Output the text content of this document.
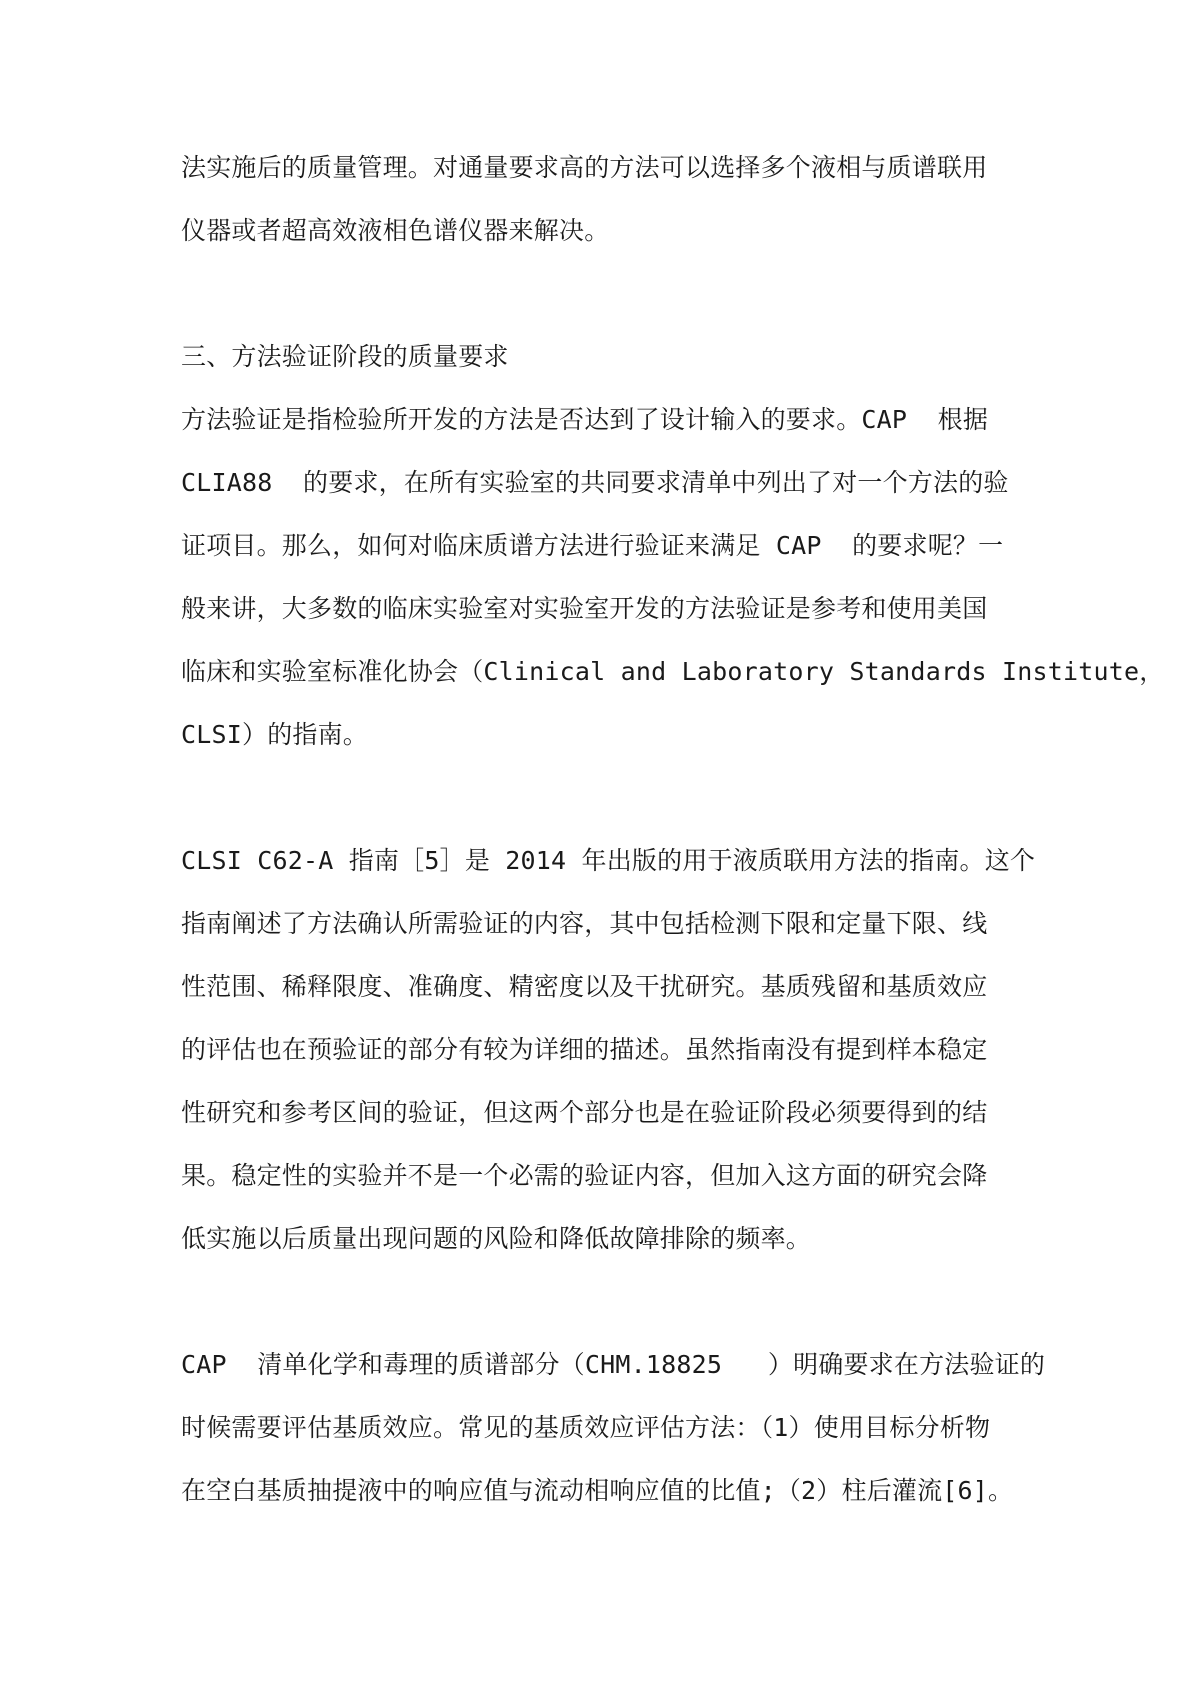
法实施后的质量管理。对通量要求高的方法可以选择多个液相与质谱联用
仪器或者超高效液相色谱仪器来解决。
三、方法验证阶段的质量要求
方法验证是指检验所开发的方法是否达到了设计输入的要求。CAP  根据
CLIA88  的要求，在所有实验室的共同要求清单中列出了对一个方法的验
证项目。那么，如何对临床质谱方法进行验证来满足 CAP  的要求呢？一
般来讲，大多数的临床实验室对实验室开发的方法验证是参考和使用美国
临床和实验室标准化协会（Clinical and Laboratory Standards Institute，
CLSI）的指南。
CLSI C62-A 指南［5］是 2014 年出版的用于液质联用方法的指南。这个
指南阐述了方法确认所需验证的内容，其中包括检测下限和定量下限、线
性范围、稀释限度、准确度、精密度以及干扰研究。基质残留和基质效应
的评估也在预验证的部分有较为详细的描述。虽然指南没有提到样本稳定
性研究和参考区间的验证，但这两个部分也是在验证阶段必须要得到的结
果。稳定性的实验并不是一个必需的验证内容，但加入这方面的研究会降
低实施以后质量出现问题的风险和降低故障排除的频率。
CAP  清单化学和毒理的质谱部分（CHM.18825   ）明确要求在方法验证的
时候需要评估基质效应。常见的基质效应评估方法：（1）使用目标分析物
在空白基质抽提液中的响应值与流动相响应值的比值;（2）柱后灌流[6]。
